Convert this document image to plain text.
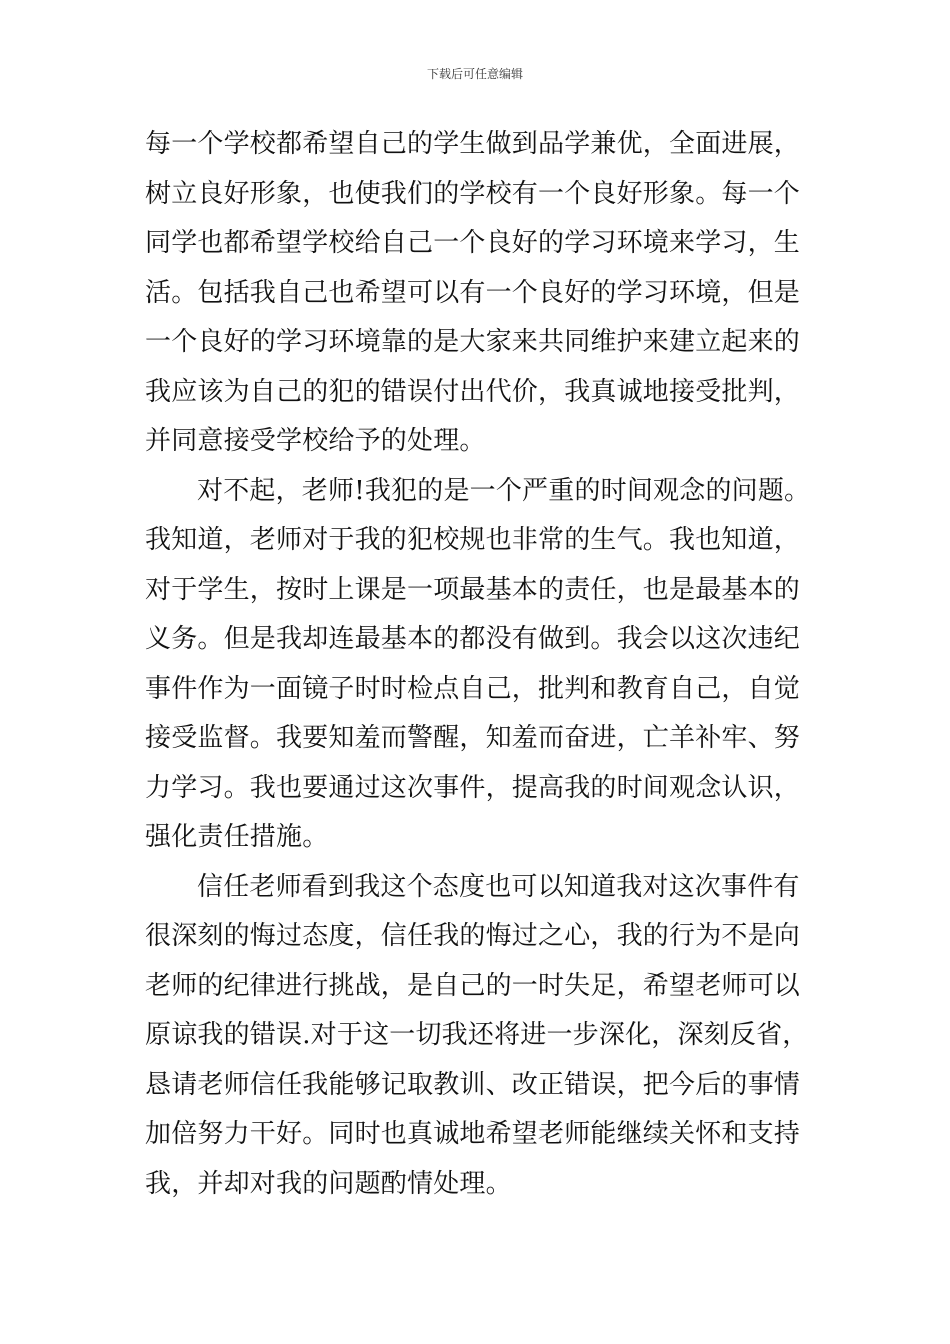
下载后可任意编辑
每一个学校都希望自己的学生做到品学兼优，全面进展，
树立良好形象，也使我们的学校有一个良好形象。每一个
同学也都希望学校给自己一个良好的学习环境来学习，生
活。包括我自己也希望可以有一个良好的学习环境，但是
一个良好的学习环境靠的是大家来共同维护来建立起来的
我应该为自己的犯的错误付出代价，我真诚地接受批判，
并同意接受学校给予的处理。
对不起，老师!我犯的是一个严重的时间观念的问题。
我知道，老师对于我的犯校规也非常的生气。我也知道，
对于学生，按时上课是一项最基本的责任，也是最基本的
义务。但是我却连最基本的都没有做到。我会以这次违纪
事件作为一面镜子时时检点自己，批判和教育自己，自觉
接受监督。我要知羞而警醒，知羞而奋进，亡羊补牢、努
力学习。我也要通过这次事件，提高我的时间观念认识，
强化责任措施。
信任老师看到我这个态度也可以知道我对这次事件有
很深刻的悔过态度，信任我的悔过之心，我的行为不是向
老师的纪律进行挑战，是自己的一时失足，希望老师可以
原谅我的错误.对于这一切我还将进一步深化，深刻反省，
恳请老师信任我能够记取教训、改正错误，把今后的事情
加倍努力干好。同时也真诚地希望老师能继续关怀和支持
我，并却对我的问题酌情处理。
